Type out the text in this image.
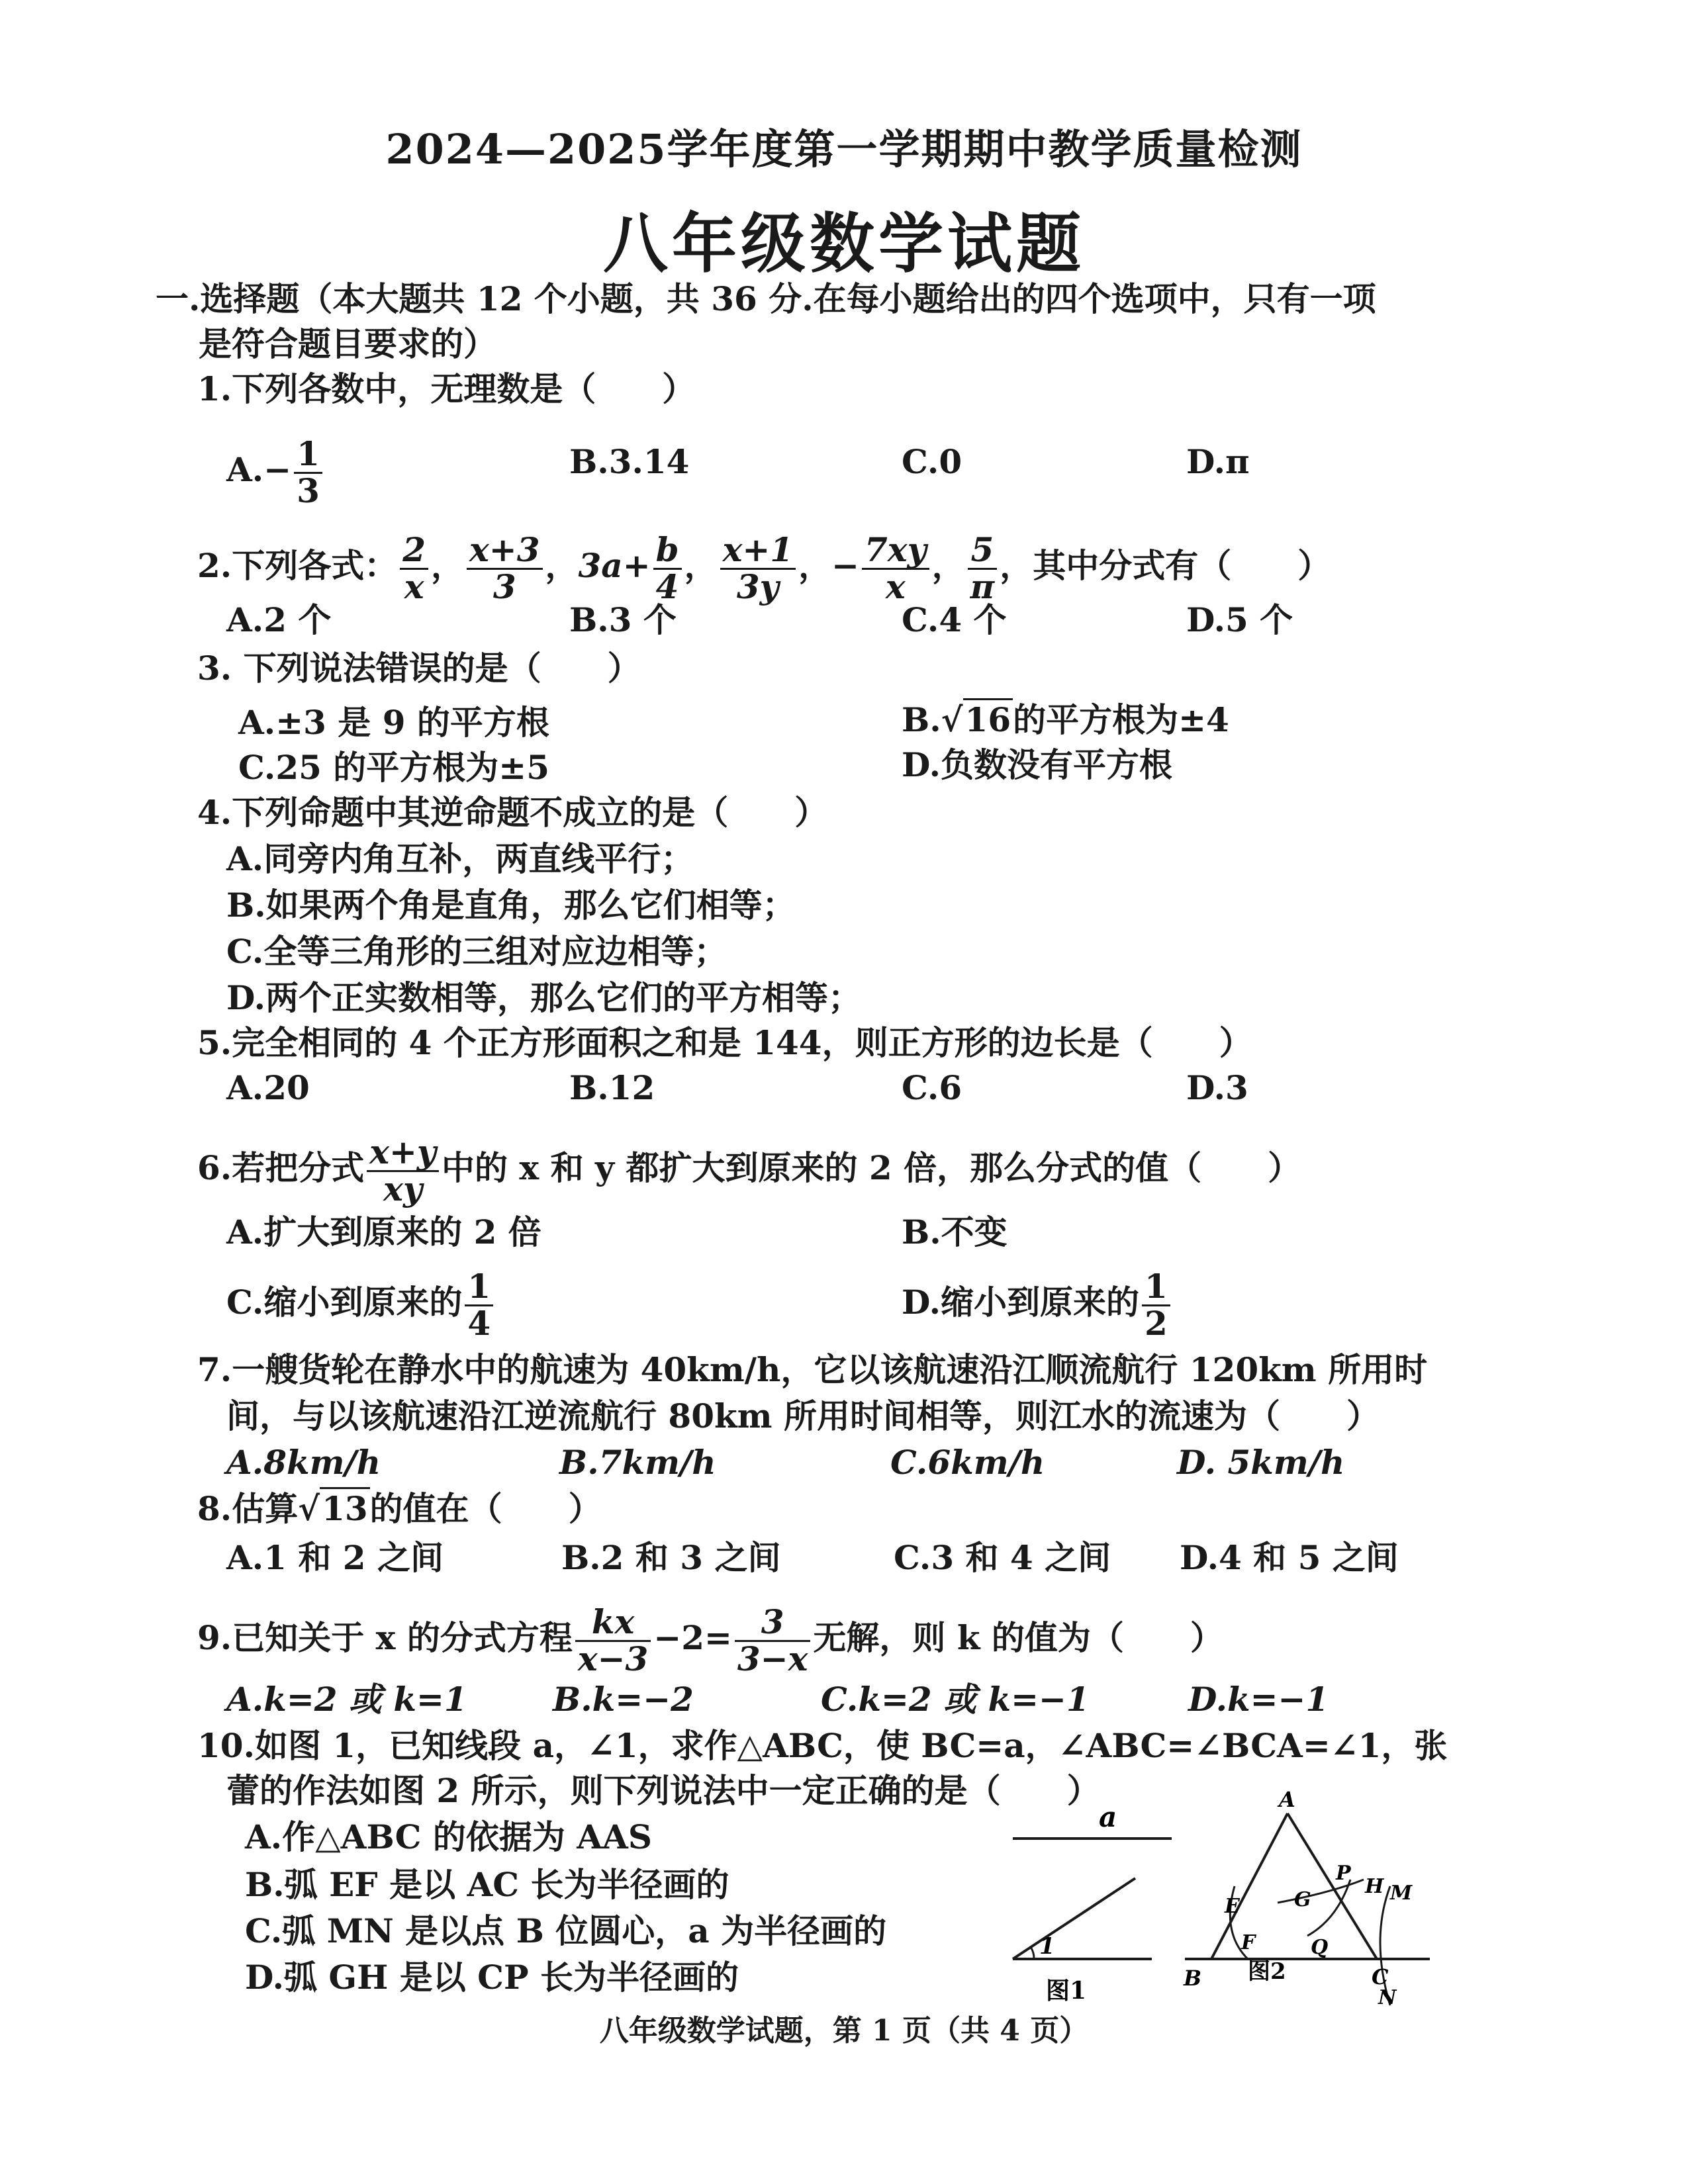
2024—2025学年度第一学期期中教学质量检测
八年级数学试题
一.选择题（本大题共 12 个小题，共 36 分.在每小题给出的四个选项中，只有一项
是符合题目要求的）
1.下列各数中，无理数是（　　）
$A.- \frac{1}{3}$	B.3.14	C.0	D.π
2.下列各式： $\frac{2}{x}$ ， $\frac{x+3}{3}$ ，$3a+ \frac{b}{4}$ ， $\frac{x+1}{3y}$ ，− $\frac{7xy}{x}$ ， $\frac{5}{\pi}$ ，其中分式有（　　）
A.2 个	B.3 个	C.4 个	D.5 个
3. 下列说法错误的是（　　）
A.±3 是 9 的平方根	B.√16的平方根为±4
C.25 的平方根为±5	D.负数没有平方根
4.下列命题中其逆命题不成立的是（　　）
A.同旁内角互补，两直线平行；
B.如果两个角是直角，那么它们相等；
C.全等三角形的三组对应边相等；
D.两个正实数相等，那么它们的平方相等；
5.完全相同的 4 个正方形面积之和是 144，则正方形的边长是（　　）
A.20	B.12	C.6	D.3
6.若把分式 $\frac{x+y}{xy}$ 中的 x 和 y 都扩大到原来的 2 倍，那么分式的值（　　）
A.扩大到原来的 2 倍	B.不变
C.缩小到原来的 $\frac{1}{4}$	D.缩小到原来的 $\frac{1}{2}$
7.一艘货轮在静水中的航速为 40km/h，它以该航速沿江顺流航行 120km 所用时
间，与以该航速沿江逆流航行 80km 所用时间相等，则江水的流速为（　　）
A.8km/h	B.7km/h	C.6km/h	D. 5km/h
8.估算√13的值在（　　）
A.1 和 2 之间	B.2 和 3 之间	C.3 和 4 之间 D.4 和 5 之间
9.已知关于 x 的分式方程 $\frac{kx}{x-3} -2= \frac{3}{3-x}$ 无解，则 k 的值为（　　）
A.k=2 或 k=1	B.k=−2	C.k=2 或 k=−1	D.k=−1
10.如图 1，已知线段 a，∠1，求作△ABC，使 BC=a，∠ABC=∠BCA=∠1，张
蕾的作法如图 2 所示，则下列说法中一定正确的是（　　）
A.作△ABC 的依据为 AAS
B.弧 EF 是以 AC 长为半径画的
C.弧 MN 是以点 B 位圆心，a 为半径画的
D.弧 GH 是以 CP 长为半径画的
a
1
图1
A
B	C
E
F
G
P
H M
Q
N
图2
八年级数学试题，第 1 页（共 4 页）
